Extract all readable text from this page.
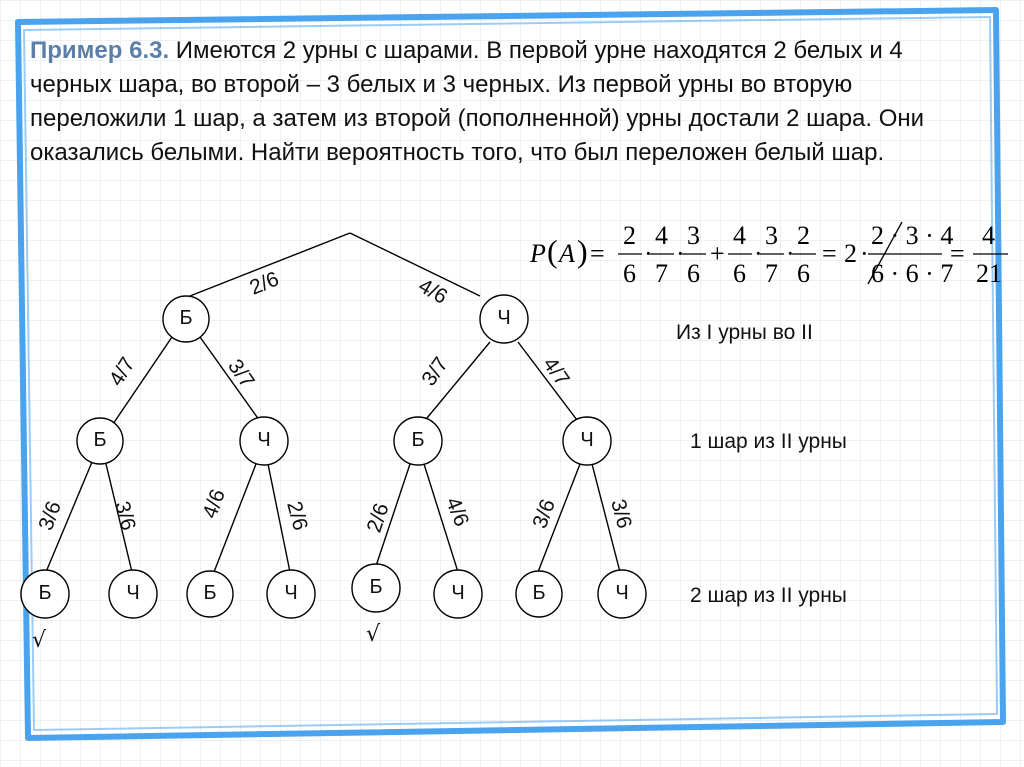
Пример 6.3. Имеются 2 урны с шарами. В первой урне находятся 2 белых и 4 черных шара, во второй – 3 белых и 3 черных. Из первой урны во вторую переложили 1 шар, а затем из второй (пополненной) урны достали 2 шара. Они оказались белыми. Найти вероятность того, что был переложен белый шар.
P ( A ) =
2
6
·
4
7
·
3
6
+
4
6
·
3
7
·
2
6
= 2 ·
2 · 3 · 4
6 · 6 · 7
=
4
21
Из I урны во II
1 шар из II урны
2 шар из II урны
Б	Ч
Б	Ч	Б	Ч
Б	Ч	Б	Ч	Б	Ч	Б	Ч
2/6	4/6
4/7	3/7	3/7	4/7
3/6 3/6	4/6 2/6 2/6 4/6	3/6 3/6
√	√
